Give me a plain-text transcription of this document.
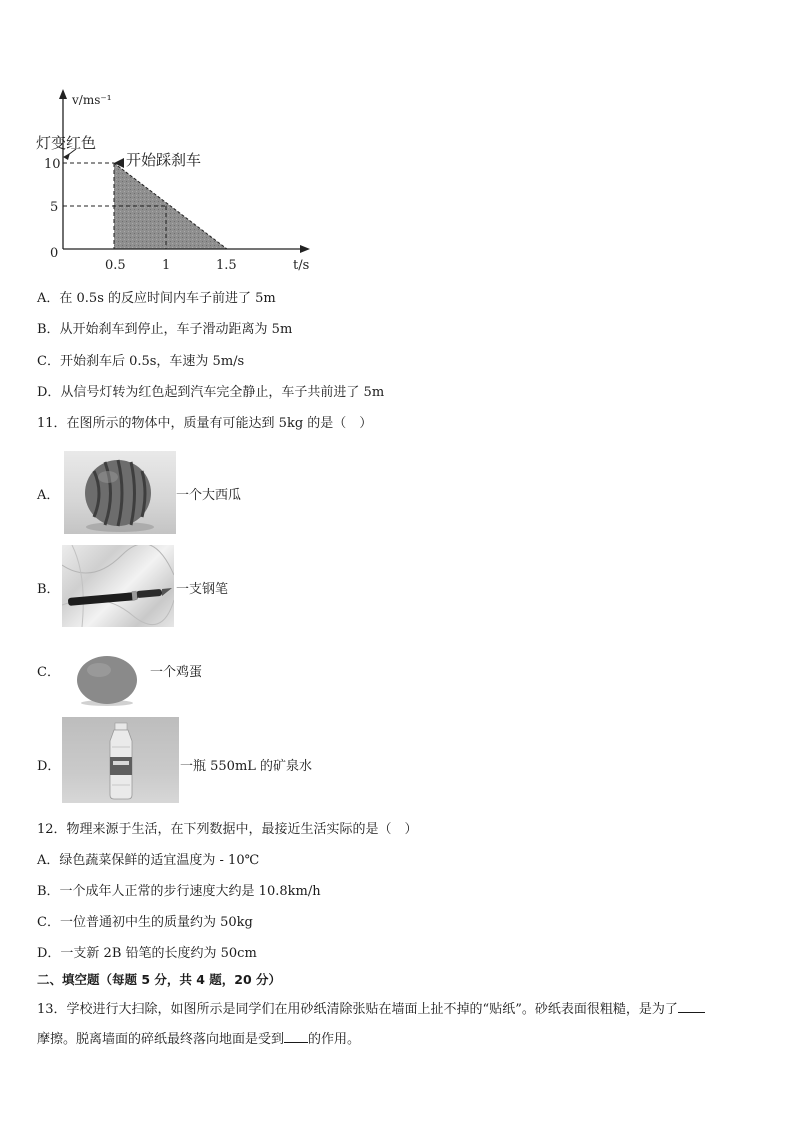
v/ms⁻¹
灯变红色
开始踩刹车
10
5
0
0.5	1	1.5	t/s
A．在 0.5s 的反应时间内车子前进了 5m
B．从开始刹车到停止，车子滑动距离为 5m
C．开始刹车后 0.5s，车速为 5m/s
D．从信号灯转为红色起到汽车完全静止，车子共前进了 5m
11．在图所示的物体中，质量有可能达到 5kg 的是（　）
A．	一个大西瓜
B．	一支钢笔
C．	一个鸡蛋
D．	一瓶 550mL 的矿泉水
12．物理来源于生活，在下列数据中，最接近生活实际的是（　）
A．绿色蔬菜保鲜的适宜温度为 - 10℃
B．一个成年人正常的步行速度大约是 10.8km/h
C．一位普通初中生的质量约为 50kg
D．一支新 2B 铅笔的长度约为 50cm
二、填空题（每题 5 分，共 4 题，20 分）
13．学校进行大扫除，如图所示是同学们在用砂纸清除张贴在墙面上扯不掉的“贴纸”。砂纸表面很粗糙，是为了
摩擦。脱离墙面的碎纸最终落向地面是受到 的作用。
